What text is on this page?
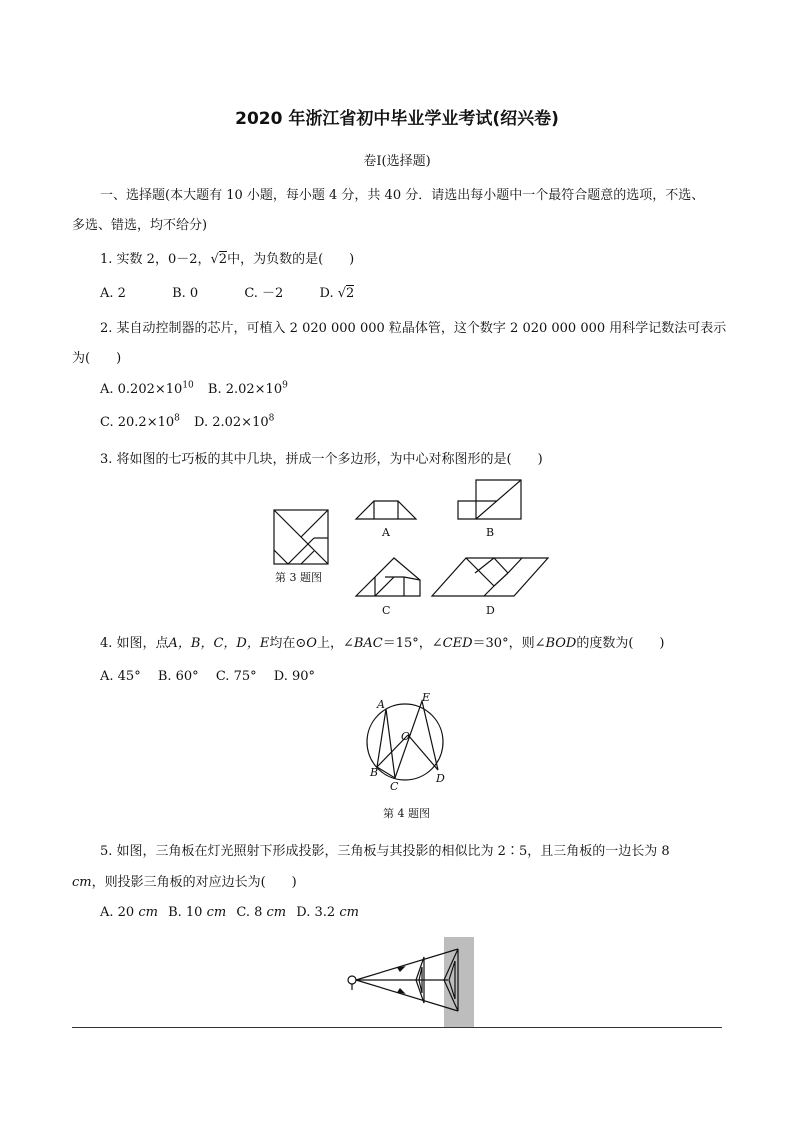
2020 年浙江省初中毕业学业考试(绍兴卷)
卷Ⅰ(选择题)
一、选择题(本大题有 10 小题，每小题 4 分，共 40 分．请选出每小题中一个最符合题意的选项，不选、
多选、错选，均不给分)
1. 实数 2，0－2，√2中，为负数的是(　　)
A. 2	B. 0	C. －2	D. √2
2. 某自动控制器的芯片，可植入 2 020 000 000 粒晶体管，这个数字 2 020 000 000 用科学记数法可表示
为(　　)
A. $0.202\times 10^{10}$ B. $2.02\times 10^9$
C. $20.2\times 10^8$ D. $2.02\times 10^8$
3. 将如图的七巧板的其中几块，拼成一个多边形，为中心对称图形的是(　　)
A	B
C	D
第 3 题图
4. 如图，点A，B，C，D，E均在⊙O上，∠BAC＝15°，∠CED＝30°，则∠BOD的度数为(　　)
A. 45°　 B. 60°　 C. 75°　 D. 90°
A
E
O
B
C
D
第 4 题图
5. 如图，三角板在灯光照射下形成投影，三角板与其投影的相似比为 2∶5，且三角板的一边长为 8
cm，则投影三角板的对应边长为(　　)
A. 20 cm B. 10 cm C. 8 cm D. 3.2 cm
